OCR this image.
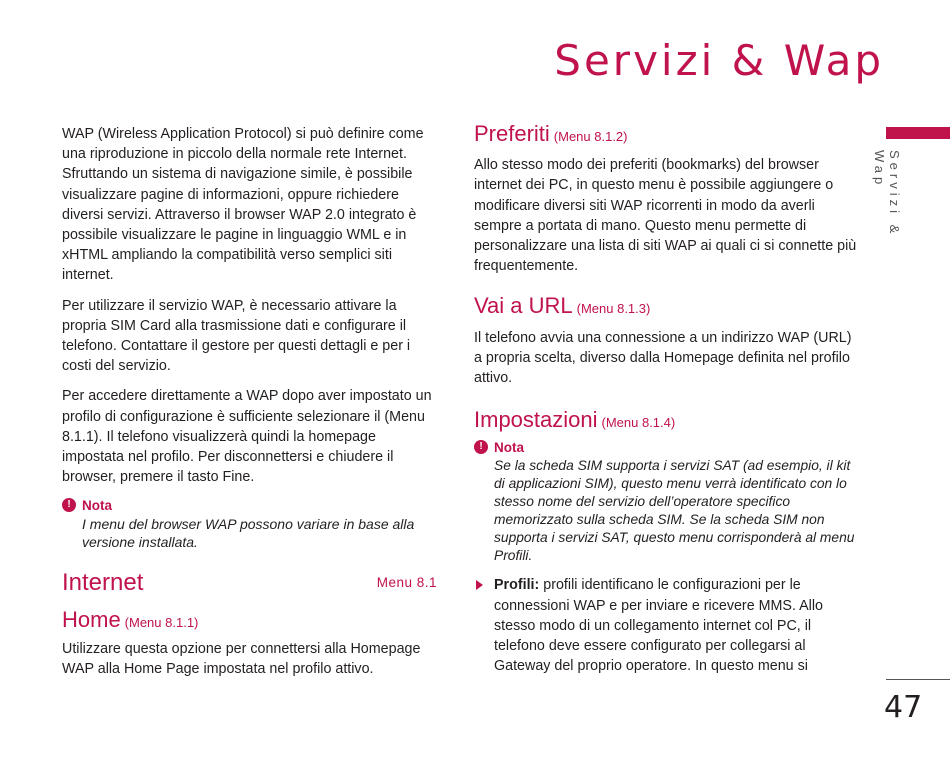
Servizi & Wap
Servizi & Wap
47

WAP (Wireless Application Protocol) si può definire come una riproduzione in piccolo della normale rete Internet. Sfruttando un sistema di navigazione simile, è possibile visualizzare pagine di informazioni, oppure richiedere diversi servizi. Attraverso il browser WAP 2.0 integrato è possibile visualizzare le pagine in linguaggio WML e in xHTML ampliando la compatibilità verso semplici siti internet.

Per utilizzare il servizio WAP, è necessario attivare la propria SIM Card alla trasmissione dati e configurare il telefono. Contattare il gestore per questi dettagli e per i costi del servizio.

Per accedere direttamente a WAP dopo aver impostato un profilo di configurazione è sufficiente selezionare il (Menu 8.1.1). Il telefono visualizzerà quindi la homepage impostata nel profilo. Per disconnettersi e chiudere il browser, premere il tasto Fine.

! Nota
I menu del browser WAP possono variare in base alla versione installata.
Internet	Menu 8.1
Home (Menu 8.1.1)

Utilizzare questa opzione per connettersi alla Homepage WAP alla Home Page impostata nel profilo attivo.

Preferiti (Menu 8.1.2)

Allo stesso modo dei preferiti (bookmarks) del browser internet dei PC, in questo menu è possibile aggiungere o modificare diversi siti WAP ricorrenti in modo da averli sempre a portata di mano. Questo menu permette di personalizzare una lista di siti WAP ai quali ci si connette più frequentemente.

Vai a URL (Menu 8.1.3)

Il telefono avvia una connessione a un indirizzo WAP (URL) a propria scelta, diverso dalla Homepage definita nel profilo attivo.

Impostazioni (Menu 8.1.4)
! Nota
Se la scheda SIM supporta i servizi SAT (ad esempio, il kit di applicazioni SIM), questo menu verrà identificato con lo stesso nome del servizio dell’operatore specifico memorizzato sulla scheda SIM. Se la scheda SIM non supporta i servizi SAT, questo menu corrisponderà al menu Profili.
Profili: profili identificano le configurazioni per le connessioni WAP e per inviare e ricevere MMS. Allo stesso modo di un collegamento internet col PC, il telefono deve essere configurato per collegarsi al Gateway del proprio operatore. In questo menu si
